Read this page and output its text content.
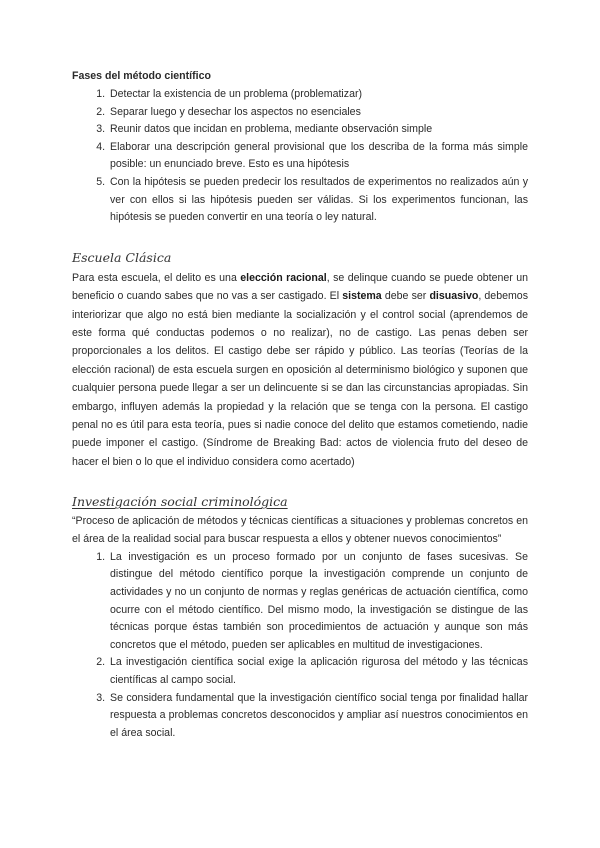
Fases del método científico

1. Detectar la existencia de un problema (problematizar)
2. Separar luego y desechar los aspectos no esenciales
3. Reunir datos que incidan en problema, mediante observación simple
4. Elaborar una descripción general provisional que los describa de la forma más simple posible: un enunciado breve. Esto es una hipótesis
5. Con la hipótesis se pueden predecir los resultados de experimentos no realizados aún y ver con ellos si las hipótesis pueden ser válidas. Si los experimentos funcionan, las hipótesis se pueden convertir en una teoría o ley natural.

Escuela Clásica

Para esta escuela, el delito es una elección racional, se delinque cuando se puede obtener un beneficio o cuando sabes que no vas a ser castigado. El sistema debe ser disuasivo, debemos interiorizar que algo no está bien mediante la socialización y el control social (aprendemos de este forma qué conductas podemos o no realizar), no de castigo. Las penas deben ser proporcionales a los delitos. El castigo debe ser rápido y público. Las teorías (Teorías de la elección racional) de esta escuela surgen en oposición al determinismo biológico y suponen que cualquier persona puede llegar a ser un delincuente si se dan las circunstancias apropiadas. Sin embargo, influyen además la propiedad y la relación que se tenga con la persona. El castigo penal no es útil para esta teoría, pues si nadie conoce del delito que estamos cometiendo, nadie puede imponer el castigo. (Síndrome de Breaking Bad: actos de violencia fruto del deseo de hacer el bien o lo que el individuo considera como acertado)

Investigación social criminológica

“Proceso de aplicación de métodos y técnicas científicas a situaciones y problemas concretos en el área de la realidad social para buscar respuesta a ellos y obtener nuevos conocimientos”

1. La investigación es un proceso formado por un conjunto de fases sucesivas. Se distingue del método científico porque la investigación comprende un conjunto de actividades y no un conjunto de normas y reglas genéricas de actuación científica, como ocurre con el método científico. Del mismo modo, la investigación se distingue de las técnicas porque éstas también son procedimientos de actuación y aunque son más concretos que el método, pueden ser aplicables en multitud de investigaciones.
2. La investigación científica social exige la aplicación rigurosa del método y las técnicas científicas al campo social.
3. Se considera fundamental que la investigación científico social tenga por finalidad hallar respuesta a problemas concretos desconocidos y ampliar así nuestros conocimientos en el área social.
